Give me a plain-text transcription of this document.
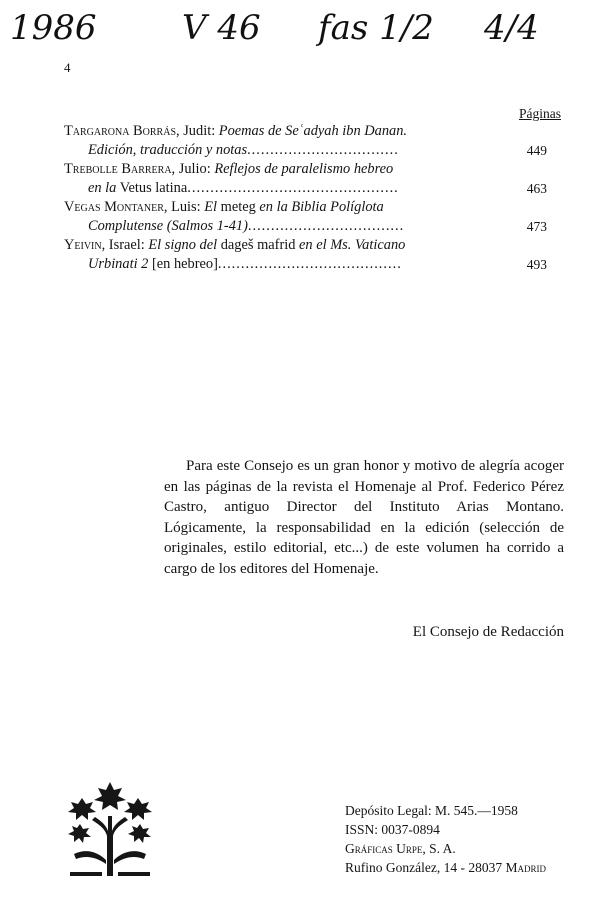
1986	V 46 fas 1/2 4/4
4
Páginas
Targarona Borrás, Judit: Poemas de Seʿadyah ibn Danan.
Edición, traducción y notas.................................	449
Trebolle Barrera, Julio: Reflejos de paralelismo hebreo
en la Vetus latina..............................................	463
Vegas Montaner, Luis: El meteg en la Biblia Políglota
Complutense (Salmos 1-41)..................................	473
Yeivin, Israel: El signo del dageš mafrid en el Ms. Vaticano
Urbinati 2 [en hebreo]........................................	493

Para este Consejo es un gran honor y motivo de alegría acoger en las páginas de la revista el Homenaje al Prof. Federico Pérez Castro, antiguo Director del Instituto Arias Montano. Lógicamente, la responsabilidad en la edición (selección de originales, estilo editorial, etc...) de este volumen ha corrido a cargo de los editores del Homenaje.

El Consejo de Redacción
Depósito Legal: M. 545.—1958
ISSN: 0037-0894
Gráficas Urpe, S. A.
Rufino González, 14 - 28037 Madrid
